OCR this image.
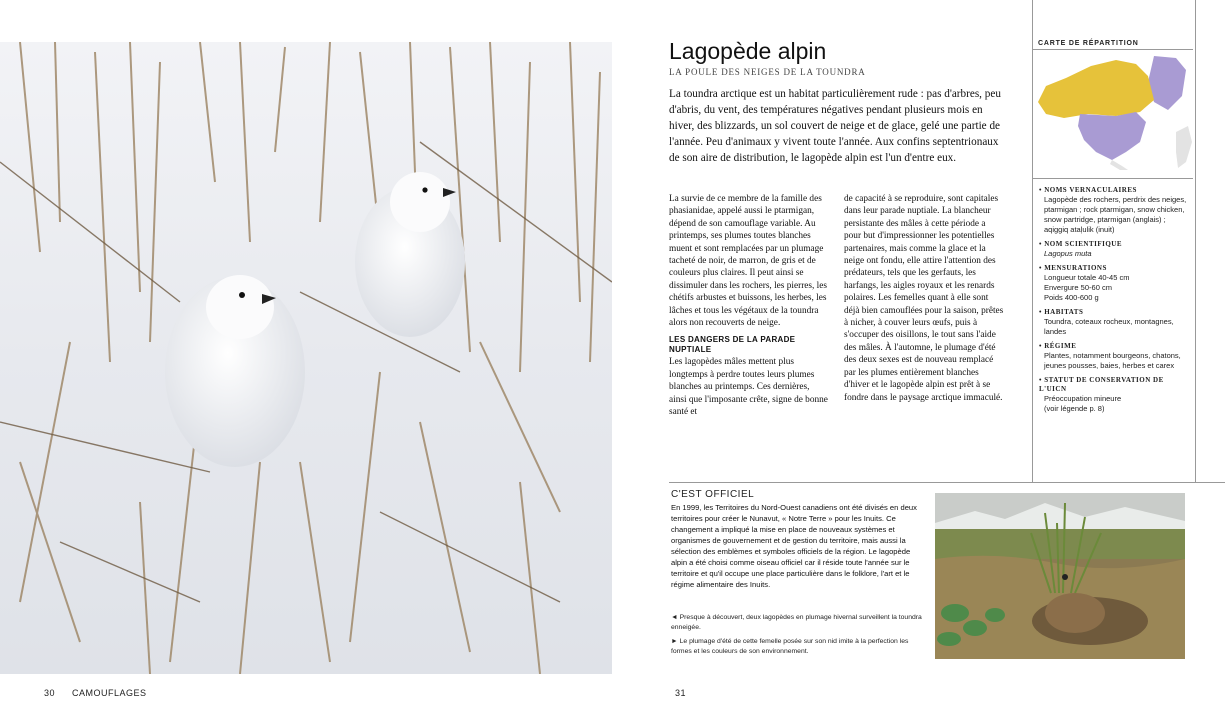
30 CAMOUFLAGES	31
Lagopède alpin
LA POULE DES NEIGES DE LA TOUNDRA

La toundra arctique est un habitat particulièrement rude : pas d'arbres, peu d'abris, du vent, des températures négatives pendant plusieurs mois en hiver, des blizzards, un sol couvert de neige et de glace, gelé une partie de l'année. Peu d'animaux y vivent toute l'année. Aux confins septentrionaux de son aire de distribution, le lagopède alpin est l'un d'entre eux.

La survie de ce membre de la famille des phasianidae, appelé aussi le ptarmigan, dépend de son camouflage variable. Au printemps, ses plumes toutes blanches muent et sont remplacées par un plumage tacheté de noir, de marron, de gris et de couleurs plus claires. Il peut ainsi se dissimuler dans les rochers, les pierres, les chétifs arbustes et buissons, les herbes, les lâches et tous les végétaux de la toundra alors non recouverts de neige.

LES DANGERS DE LA PARADE NUPTIALE

Les lagopèdes mâles mettent plus longtemps à perdre toutes leurs plumes blanches au printemps. Ces dernières, ainsi que l'imposante crête, signe de bonne santé et

de capacité à se reproduire, sont capitales dans leur parade nuptiale. La blancheur persistante des mâles à cette période a pour but d'impressionner les potentielles partenaires, mais comme la glace et la neige ont fondu, elle attire l'attention des prédateurs, tels que les gerfauts, les harfangs, les aigles royaux et les renards polaires. Les femelles quant à elle sont déjà bien camouflées pour la saison, prêtes à nicher, à couver leurs œufs, puis à s'occuper des oisillons, le tout sans l'aide des mâles. À l'automne, le plumage d'été des deux sexes est de nouveau remplacé par les plumes entièrement blanches d'hiver et le lagopède alpin est prêt à se fondre dans le paysage arctique immaculé.

CARTE DE RÉPARTITION
• NOMS VERNACULAIRES
Lagopède des rochers, perdrix des neiges, ptarmigan ; rock ptarmigan, snow chicken, snow partridge, ptarmigan (anglais) ; aqiggiq ataļulik (inuit)
• NOM SCIENTIFIQUE
Lagopus muta
• MENSURATIONS
Longueur totale 40-45 cm
Envergure 50-60 cm
Poids 400-600 g
• HABITATS
Toundra, coteaux rocheux, montagnes, landes
• RÉGIME
Plantes, notamment bourgeons, chatons, jeunes pousses, baies, herbes et carex
• STATUT DE CONSERVATION DE L'UICN
Préoccupation mineure
(voir légende p. 8)
C'EST OFFICIEL

En 1999, les Territoires du Nord-Ouest canadiens ont été divisés en deux territoires pour créer le Nunavut, « Notre Terre » pour les Inuits. Ce changement a impliqué la mise en place de nouveaux systèmes et organismes de gouvernement et de gestion du territoire, mais aussi la sélection des emblèmes et symboles officiels de la région. Le lagopède alpin a été choisi comme oiseau officiel car il réside toute l'année sur le territoire et qu'il occupe une place particulière dans le folklore, l'art et le régime alimentaire des Inuits.

◄ Presque à découvert, deux lagopèdes en plumage hivernal surveillent la toundra enneigée.

► Le plumage d'été de cette femelle posée sur son nid imite à la perfection les formes et les couleurs de son environnement.
